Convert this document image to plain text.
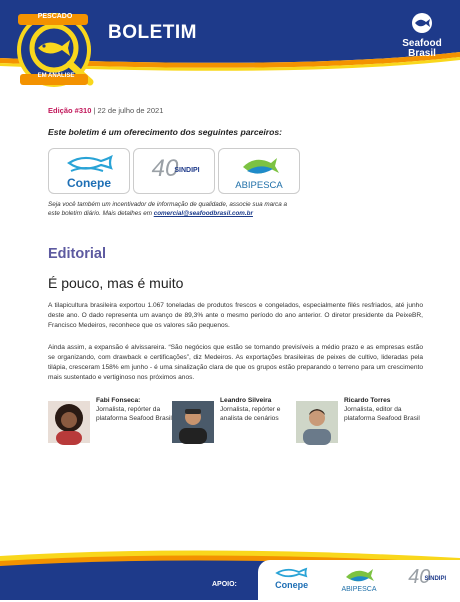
PESCADO
EM ANÁLISE
BOLETIM
Seafood
Brasil
Edição #310 | 22 de julho de 2021
Este boletim é um oferecimento dos seguintes parceiros:
Conepe
40
SINDIPI
ABIPESCA
Seja você também um incentivador de informação de qualidade, associe sua marca a este boletim diário. Mais detalhes em comercial@seafoodbrasil.com.br
Editorial
É pouco, mas é muito

A tilapicultura brasileira exportou 1.067 toneladas de produtos frescos e congelados, especialmente filés resfriados, até junho deste ano. O dado representa um avanço de 89,3% ante o mesmo período do ano anterior. O diretor presidente da PeixeBR, Francisco Medeiros, reconhece que os valores são pequenos.

Ainda assim, a expansão é alvissareira. “São negócios que estão se tornando previsíveis a médio prazo e as empresas estão se organizando, com drawback e certificações”, diz Medeiros. As exportações brasileiras de peixes de cultivo, lideradas pela tilápia, cresceram 158% em junho - é uma sinalização clara de que os grupos estão preparando o terreno para um crescimento mais sustentado e vertiginoso nos próximos anos.

Fabi Fonseca:
Jornalista, repórter da plataforma Seafood Brasil
Leandro Silveira
Jornalista, repórter e analista de cenários
Ricardo Torres
Jornalista, editor da plataforma Seafood Brasil
APOIO:	Conepe	ABIPESCA
40
SINDIPI
